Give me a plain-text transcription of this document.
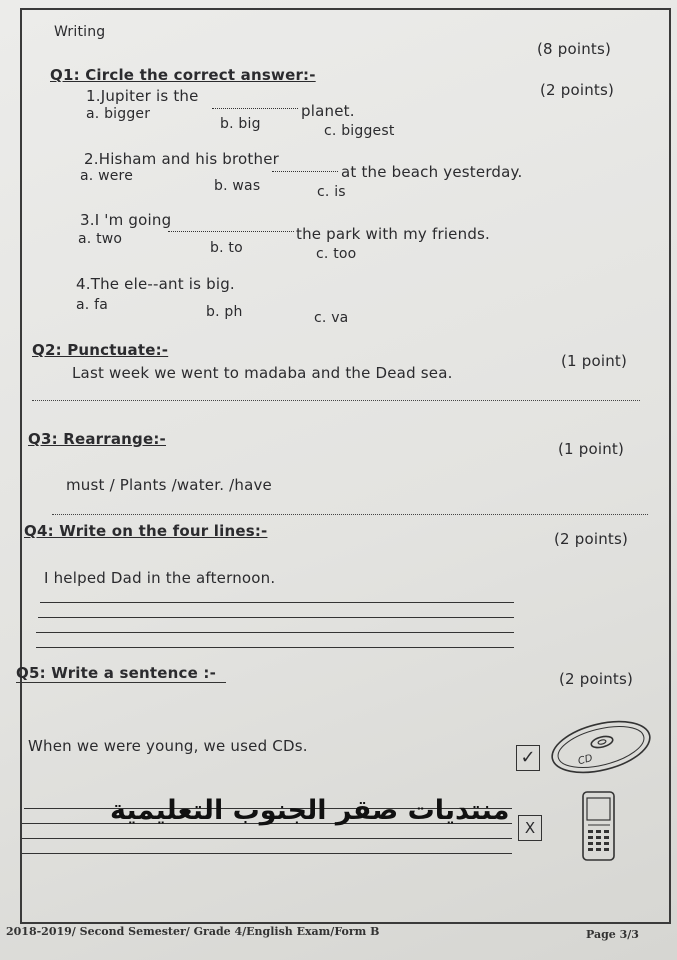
Writing
(8 points)
Q1: Circle the correct answer:-
(2 points)
1.Jupiter is the
planet.
a. bigger
b. big	c. biggest
2.Hisham and his brother
at the beach yesterday.
a. were
b. was	c. is
3.I 'm going
the park with my friends.
a. two
b. to	c. too
4.The ele--ant is big.
a. fa	b. ph	c. va
Q2: Punctuate:-
(1 point)
Last week we went to madaba and the Dead sea.
Q3: Rearrange:-
(1 point)
must / Plants /water. /have
Q4: Write on the four lines:-	(2 points)
I helped Dad in the afternoon.
Q5: Write a sentence :-	(2 points)
When we were young, we used CDs.
✓
X
CD
منتديات صقر الجنوب التعليمية
2018-2019/ Second Semester/ Grade 4/English Exam/Form B	Page 3/3
